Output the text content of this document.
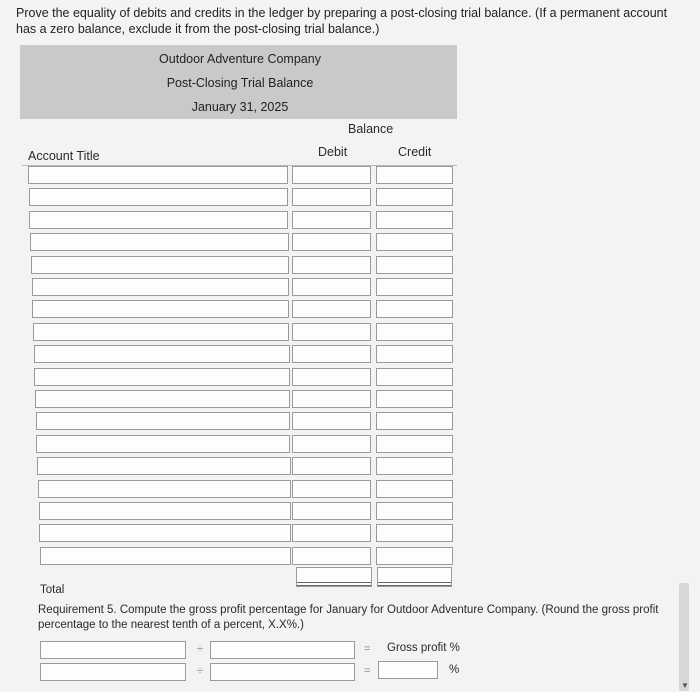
Prove the equality of debits and credits in the ledger by preparing a post-closing trial balance. (If a permanent account has a zero balance, exclude it from the post-closing trial balance.)
Outdoor Adventure Company
Post-Closing Trial Balance
January 31, 2025
Balance
Account Title	Debit	Credit
Total
Requirement 5. Compute the gross profit percentage for January for Outdoor Adventure Company. (Round the gross profit percentage to the nearest tenth of a percent, X.X%.)
÷	= Gross profit %
÷	=	%
▼
